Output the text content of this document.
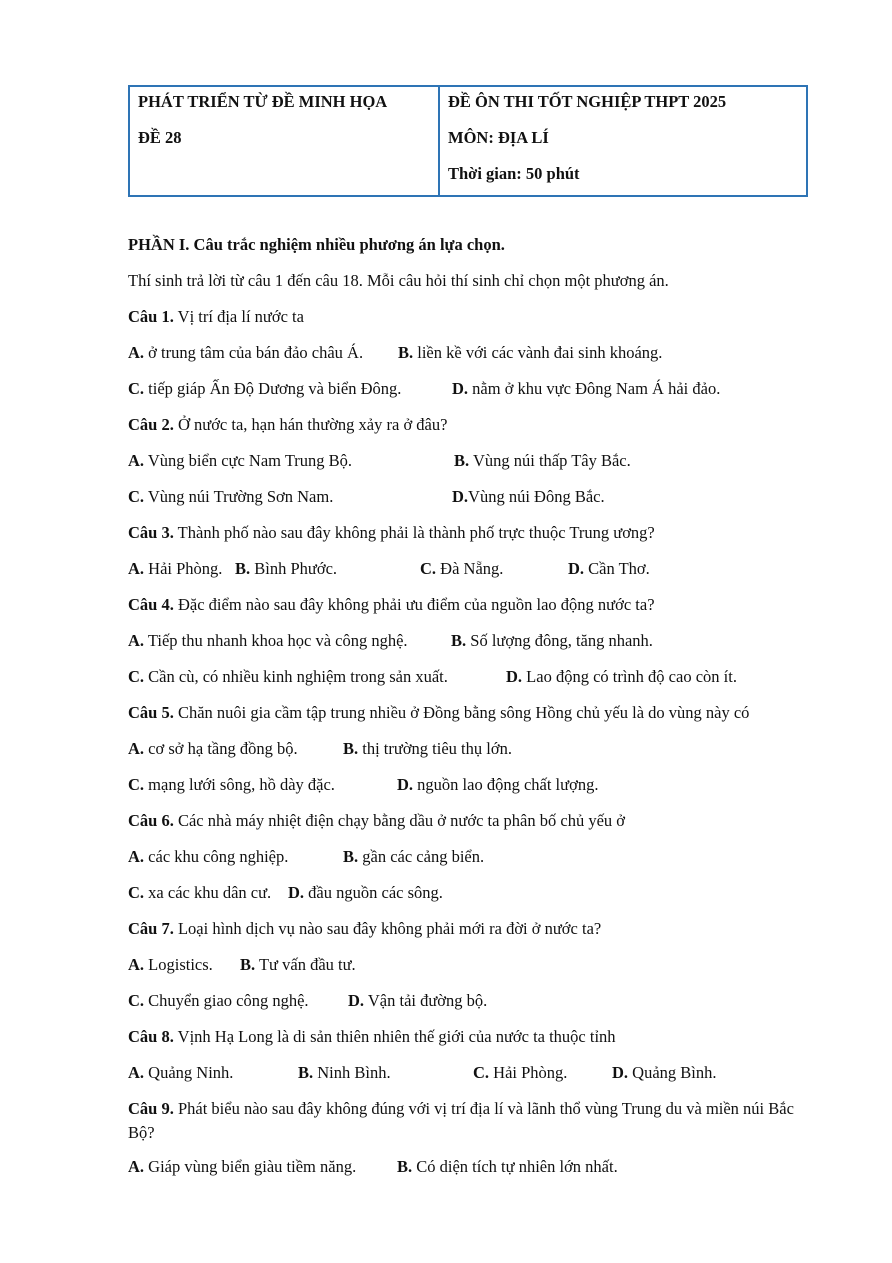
PHÁT TRIỂN TỪ ĐỀ MINH HỌA
ĐỀ 28
ĐỀ ÔN THI TỐT NGHIỆP THPT 2025
MÔN: ĐỊA LÍ
Thời gian: 50 phút
PHẦN I. Câu trắc nghiệm nhiều phương án lựa chọn.
Thí sinh trả lời từ câu 1 đến câu 18. Mỗi câu hỏi thí sinh chỉ chọn một phương án.
Câu 1. Vị trí địa lí nước ta
A. ở trung tâm của bán đảo châu Á. B. liền kề với các vành đai sinh khoáng.
C. tiếp giáp Ấn Độ Dương và biển Đông.	D. nằm ở khu vực Đông Nam Á hải đảo.
Câu 2. Ở nước ta, hạn hán thường xảy ra ở đâu?
A. Vùng biển cực Nam Trung Bộ.	B. Vùng núi thấp Tây Bắc.
C. Vùng núi Trường Sơn Nam.	D.Vùng núi Đông Bắc.
Câu 3. Thành phố nào sau đây không phải là thành phố trực thuộc Trung ương?
A. Hải Phòng. B. Bình Phước.	C. Đà Nẵng.	D. Cần Thơ.
Câu 4. Đặc điểm nào sau đây không phải ưu điểm của nguồn lao động nước ta?
A. Tiếp thu nhanh khoa học và công nghệ.	B. Số lượng đông, tăng nhanh.
C. Cần cù, có nhiều kinh nghiệm trong sản xuất.	D. Lao động có trình độ cao còn ít.
Câu 5. Chăn nuôi gia cầm tập trung nhiều ở Đồng bằng sông Hồng chủ yếu là do vùng này có
A. cơ sở hạ tầng đồng bộ.	B. thị trường tiêu thụ lớn.
C. mạng lưới sông, hồ dày đặc.	D. nguồn lao động chất lượng.
Câu 6. Các nhà máy nhiệt điện chạy bằng dầu ở nước ta phân bố chủ yếu ở
A. các khu công nghiệp.	B. gần các cảng biển.
C. xa các khu dân cư. D. đầu nguồn các sông.
Câu 7. Loại hình dịch vụ nào sau đây không phải mới ra đời ở nước ta?
A. Logistics. B. Tư vấn đầu tư.
C. Chuyển giao công nghệ. D. Vận tải đường bộ.
Câu 8. Vịnh Hạ Long là di sản thiên nhiên thế giới của nước ta thuộc tỉnh
A. Quảng Ninh.	B. Ninh Bình.	C. Hải Phòng.	D. Quảng Bình.
Câu 9. Phát biểu nào sau đây không đúng với vị trí địa lí và lãnh thổ vùng Trung du và miền núi Bắc Bộ?
A. Giáp vùng biển giàu tiềm năng. B. Có diện tích tự nhiên lớn nhất.
